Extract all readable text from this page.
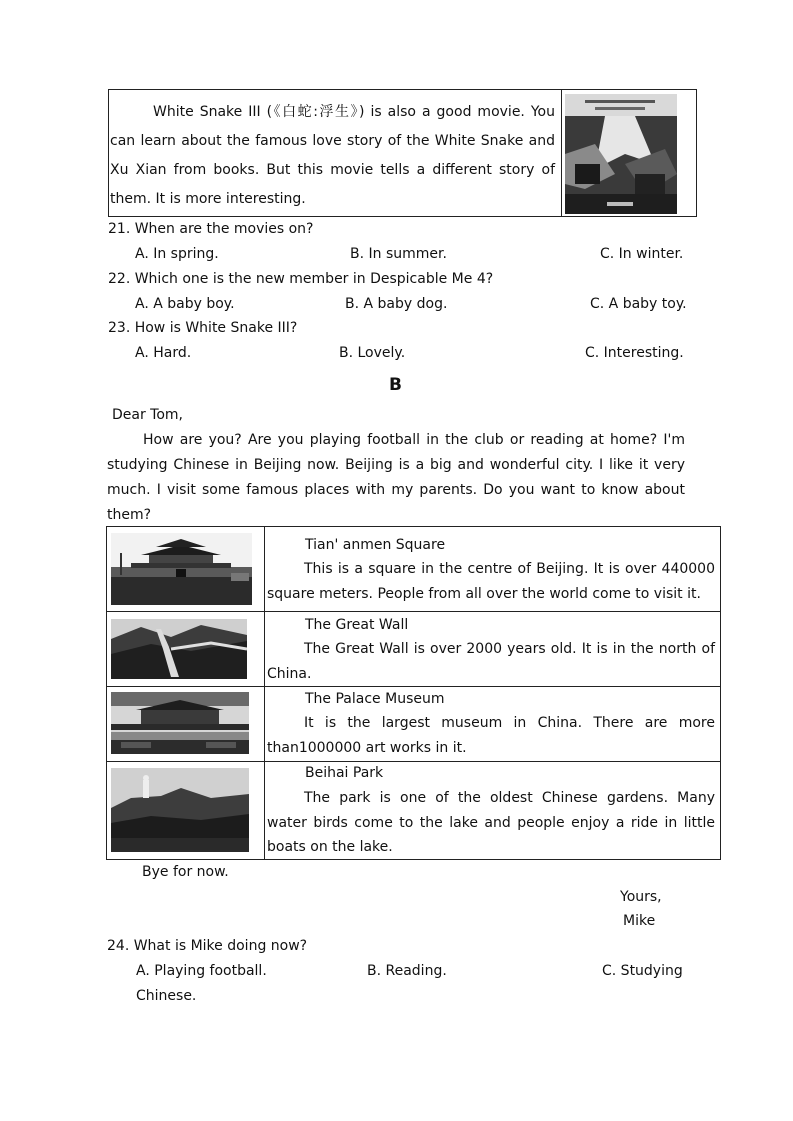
White Snake III (《白蛇:浮生》) is also a good movie. You can learn about the famous love story of the White Snake and Xu Xian from books. But this movie tells a different story of them. It is more interesting.
21. When are the movies on?
A. In spring.	B. In summer.	C. In winter.
22. Which one is the new member in Despicable Me 4?
A. A baby boy.	B. A baby dog.	C. A baby toy.
23. How is White Snake III?
A. Hard.	B. Lovely.	C. Interesting.
B
Dear Tom,
How are you? Are you playing football in the club or reading at home? I'm studying Chinese in Beijing now. Beijing is a big and wonderful city. I like it very much. I visit some famous places with my parents. Do you want to know about them?
Tian' anmen Square
This is a square in the centre of Beijing. It is over 440000 square meters. People from all over the world come to visit it.
The Great Wall
The Great Wall is over 2000 years old. It is in the north of China.
The Palace Museum
It is the largest museum in China. There are more than1000000 art works in it.
Beihai Park
The park is one of the oldest Chinese gardens. Many water birds come to the lake and people enjoy a ride in little boats on the lake.
Bye for now.
Yours,
Mike
24. What is Mike doing now?
A. Playing football.	B. Reading.	C. Studying
Chinese.
